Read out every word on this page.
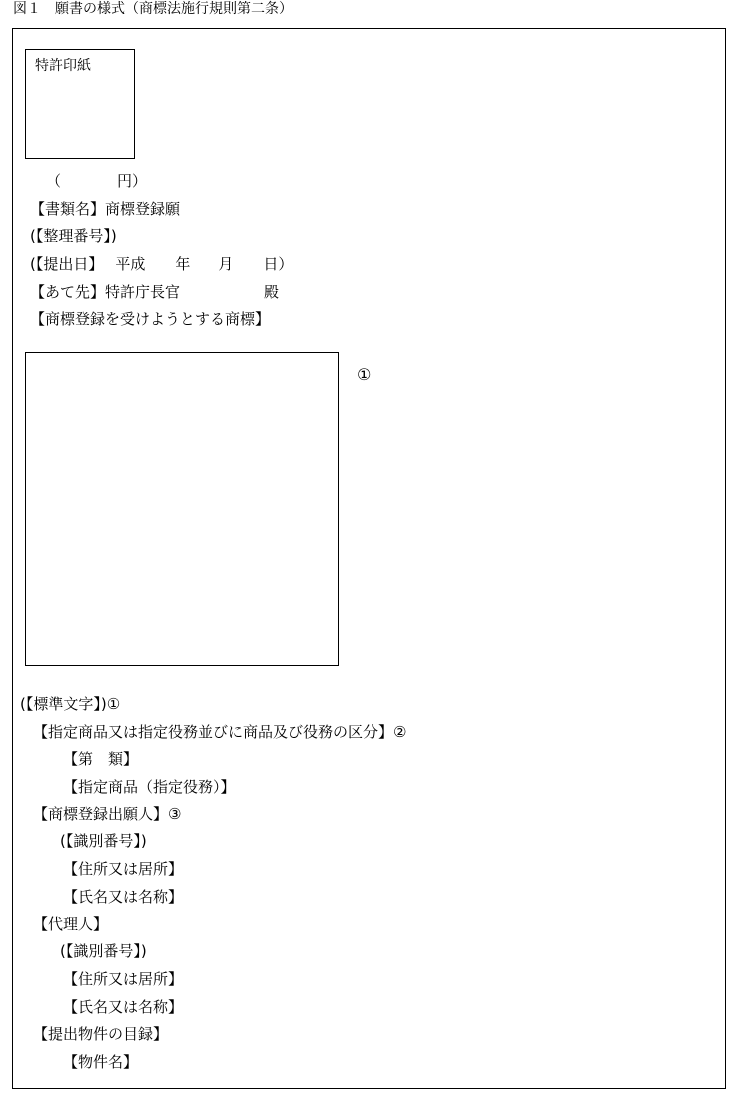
図１　願書の様式（商標法施行規則第二条）
特許印紙
（	円）
【書類名】商標登録願
(【整理番号】)
(【提出日】 平成 年 月 日）
【あて先】特許庁長官	殿
【商標登録を受けようとする商標】
①
(【標準文字】)①
【指定商品又は指定役務並びに商品及び役務の区分】②
【第　類】
【指定商品（指定役務）】
【商標登録出願人】③
(【識別番号】)
【住所又は居所】
【氏名又は名称】
【代理人】
(【識別番号】)
【住所又は居所】
【氏名又は名称】
【提出物件の目録】
【物件名】
